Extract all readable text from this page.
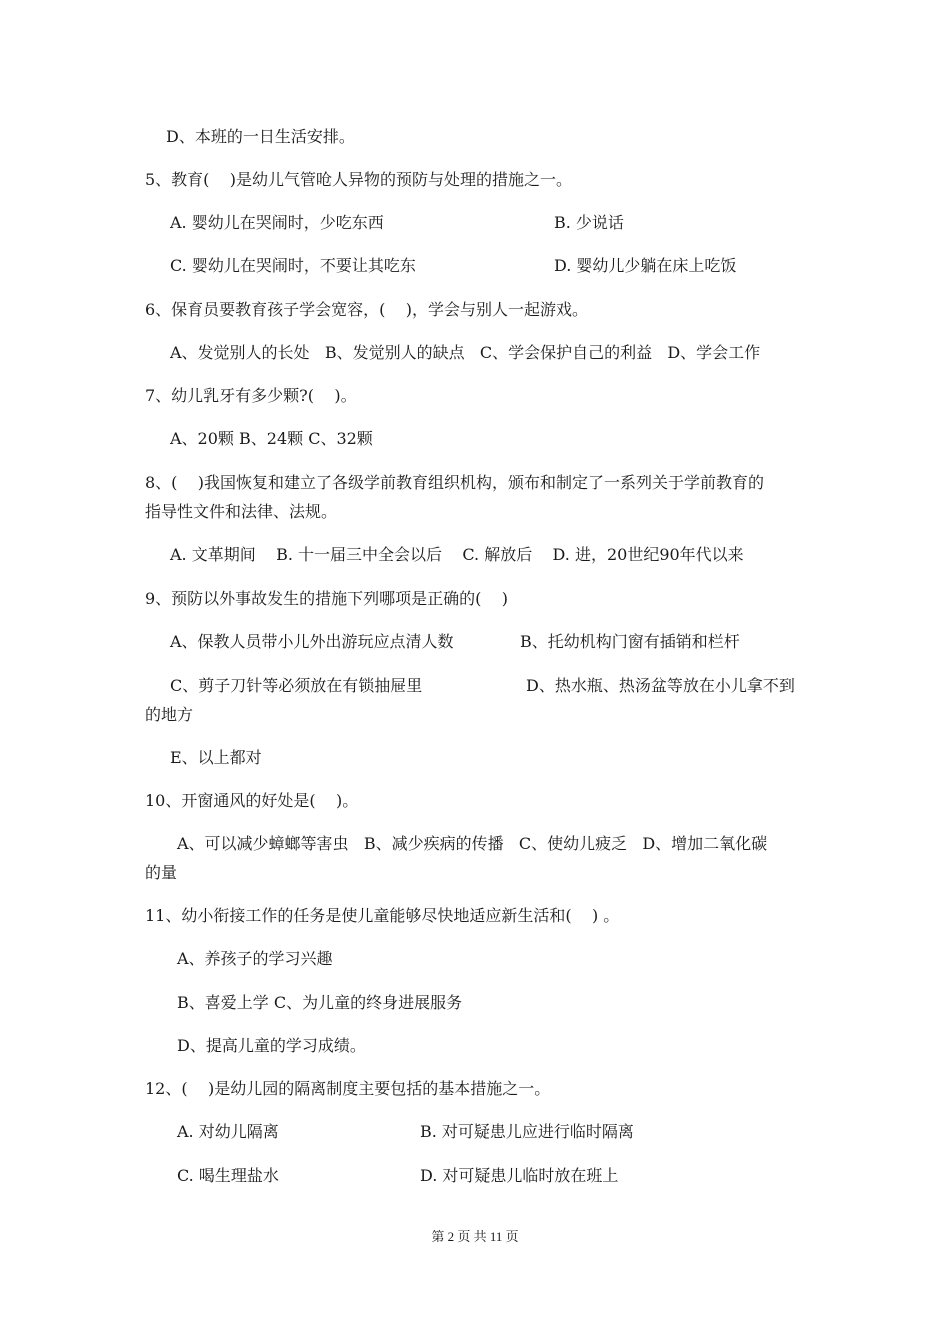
D、本班的一日生活安排。
5、教育(    )是幼儿气管呛人异物的预防与处理的措施之一。
A. 婴幼儿在哭闹时，少吃东西	B. 少说话
C. 婴幼儿在哭闹时，不要让其吃东	D. 婴幼儿少躺在床上吃饭
6、保育员要教育孩子学会宽容，(    )，学会与别人一起游戏。
A、发觉别人的长处   B、发觉别人的缺点   C、学会保护自己的利益   D、学会工作
7、幼儿乳牙有多少颗?(    )。
A、20颗 B、24颗 C、32颗
8、(    )我国恢复和建立了各级学前教育组织机构，颁布和制定了一系列关于学前教育的
指导性文件和法律、法规。
A. 文革期间    B. 十一届三中全会以后    C. 解放后    D. 进，20世纪90年代以来
9、预防以外事故发生的措施下列哪项是正确的(    )
A、保教人员带小儿外出游玩应点清人数	B、托幼机构门窗有插销和栏杆
C、剪子刀针等必须放在有锁抽屉里	D、热水瓶、热汤盆等放在小儿拿不到
的地方
E、以上都对
10、开窗通风的好处是(    )。
A、可以减少蟑螂等害虫   B、减少疾病的传播   C、使幼儿疲乏   D、增加二氧化碳
的量
11、幼小衔接工作的任务是使儿童能够尽快地适应新生活和(    ) 。
A、养孩子的学习兴趣
B、喜爱上学 C、为儿童的终身进展服务
D、提高儿童的学习成绩。
12、(    )是幼儿园的隔离制度主要包括的基本措施之一。
A. 对幼儿隔离	B. 对可疑患儿应进行临时隔离
C. 喝生理盐水	D. 对可疑患儿临时放在班上
第 2 页 共 11 页
